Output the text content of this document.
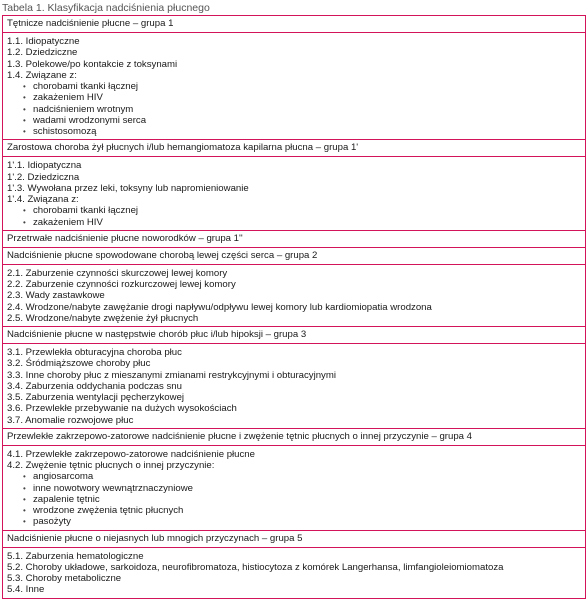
Tabela 1. Klasyfikacja nadciśnienia płucnego
Tętnicze nadciśnienie płucne – grupa 1
1.1. Idiopatyczne
1.2. Dziedziczne
1.3. Polekowe/po kontakcie z toksynami
1.4. Związane z:
• chorobami tkanki łącznej
• zakażeniem HIV
• nadciśnieniem wrotnym
• wadami wrodzonymi serca
• schistosomozą
Zarostowa choroba żył płucnych i/lub hemangiomatoza kapilarna płucna – grupa 1'
1'.1. Idiopatyczna
1'.2. Dziedziczna
1'.3. Wywołana przez leki, toksyny lub napromieniowanie
1'.4. Związana z:
• chorobami tkanki łącznej
• zakażeniem HIV
Przetrwałe nadciśnienie płucne noworodków – grupa 1''
Nadciśnienie płucne spowodowane chorobą lewej części serca – grupa 2
2.1. Zaburzenie czynności skurczowej lewej komory
2.2. Zaburzenie czynności rozkurczowej lewej komory
2.3. Wady zastawkowe
2.4. Wrodzone/nabyte zawężanie drogi napływu/odpływu lewej komory lub kardiomiopatia wrodzona
2.5. Wrodzone/nabyte zwężenie żył płucnych
Nadciśnienie płucne w następstwie chorób płuc i/lub hipoksji – grupa 3
3.1. Przewlekła obturacyjna choroba płuc
3.2. Śródmiąższowe choroby płuc
3.3. Inne choroby płuc z mieszanymi zmianami restrykcyjnymi i obturacyjnymi
3.4. Zaburzenia oddychania podczas snu
3.5. Zaburzenia wentylacji pęcherzykowej
3.6. Przewlekłe przebywanie na dużych wysokościach
3.7. Anomalie rozwojowe płuc
Przewlekłe zakrzepowo-zatorowe nadciśnienie płucne i zwężenie tętnic płucnych o innej przyczynie – grupa 4
4.1. Przewlekłe zakrzepowo-zatorowe nadciśnienie płucne
4.2. Zwężenie tętnic płucnych o innej przyczynie:
• angiosarcoma
• inne nowotwory wewnątrznaczyniowe
• zapalenie tętnic
• wrodzone zwężenia tętnic płucnych
• pasożyty
Nadciśnienie płucne o niejasnych lub mnogich przyczynach – grupa 5
5.1. Zaburzenia hematologiczne
5.2. Choroby układowe, sarkoidoza, neurofibromatoza, histiocytoza z komórek Langerhansa, limfangioleiomiomatoza
5.3. Choroby metaboliczne
5.4. Inne
